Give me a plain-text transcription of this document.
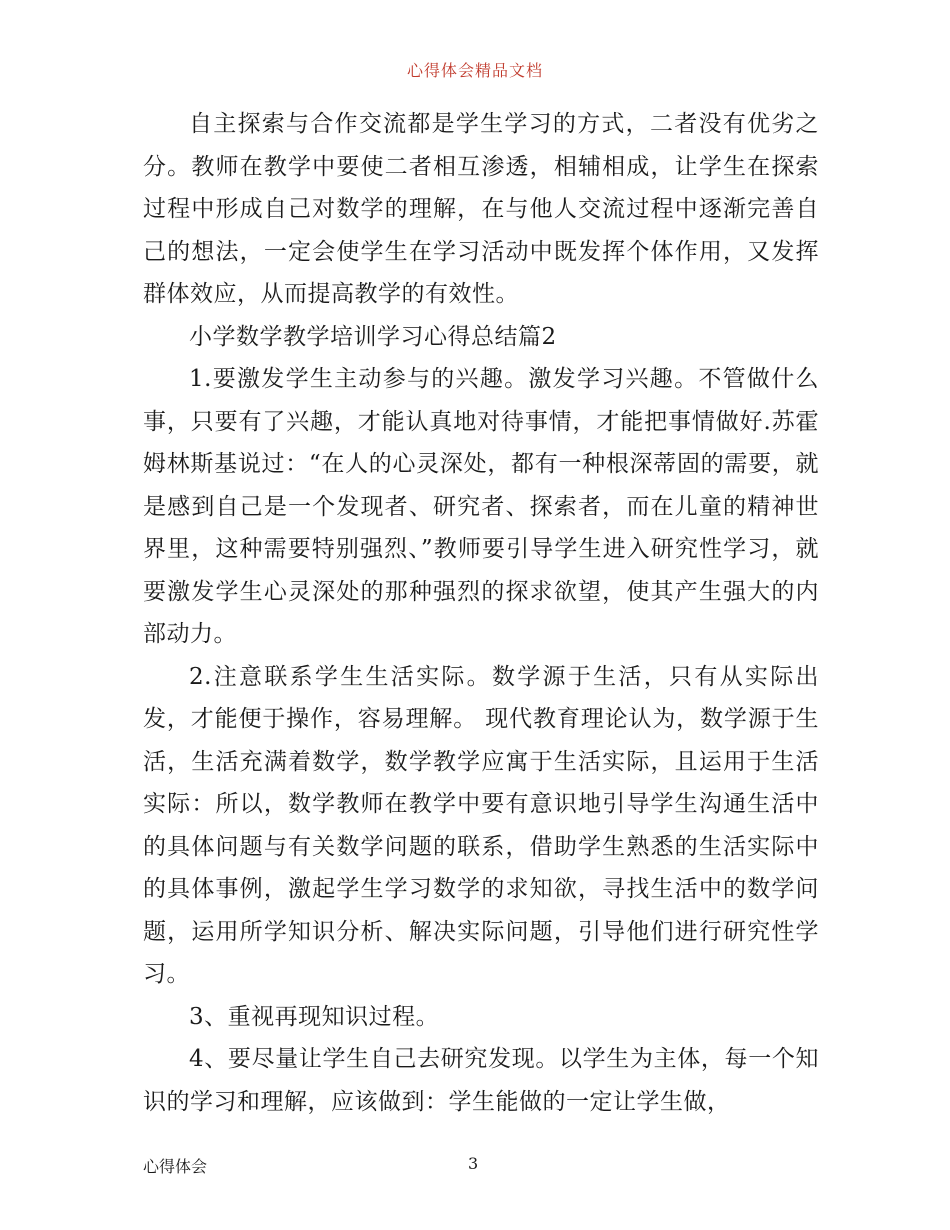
心得体会精品文档

自主探索与合作交流都是学生学习的方式，二者没有优劣之分。教师在教学中要使二者相互渗透，相辅相成，让学生在探索过程中形成自己对数学的理解，在与他人交流过程中逐渐完善自己的想法，一定会使学生在学习活动中既发挥个体作用，又发挥群体效应，从而提高教学的有效性。

小学数学教学培训学习心得总结篇2

1.要激发学生主动参与的兴趣。激发学习兴趣。不管做什么事，只要有了兴趣，才能认真地对待事情，才能把事情做好.苏霍姆林斯基说过：“在人的心灵深处，都有一种根深蒂固的需要，就是感到自己是一个发现者、研究者、探索者，而在儿童的精神世界里，这种需要特别强烈、”教师要引导学生进入研究性学习，就要激发学生心灵深处的那种强烈的探求欲望，使其产生强大的内部动力。

2.注意联系学生生活实际。数学源于生活，只有从实际出发，才能便于操作，容易理解。 现代教育理论认为，数学源于生活，生活充满着数学，数学教学应寓于生活实际，且运用于生活实际：所以，数学教师在教学中要有意识地引导学生沟通生活中的具体问题与有关数学问题的联系，借助学生熟悉的生活实际中的具体事例，激起学生学习数学的求知欲，寻找生活中的数学问题，运用所学知识分析、解决实际问题，引导他们进行研究性学习。

3、重视再现知识过程。

4、要尽量让学生自己去研究发现。以学生为主体，每一个知识的学习和理解，应该做到：学生能做的一定让学生做，

心得体会	3
